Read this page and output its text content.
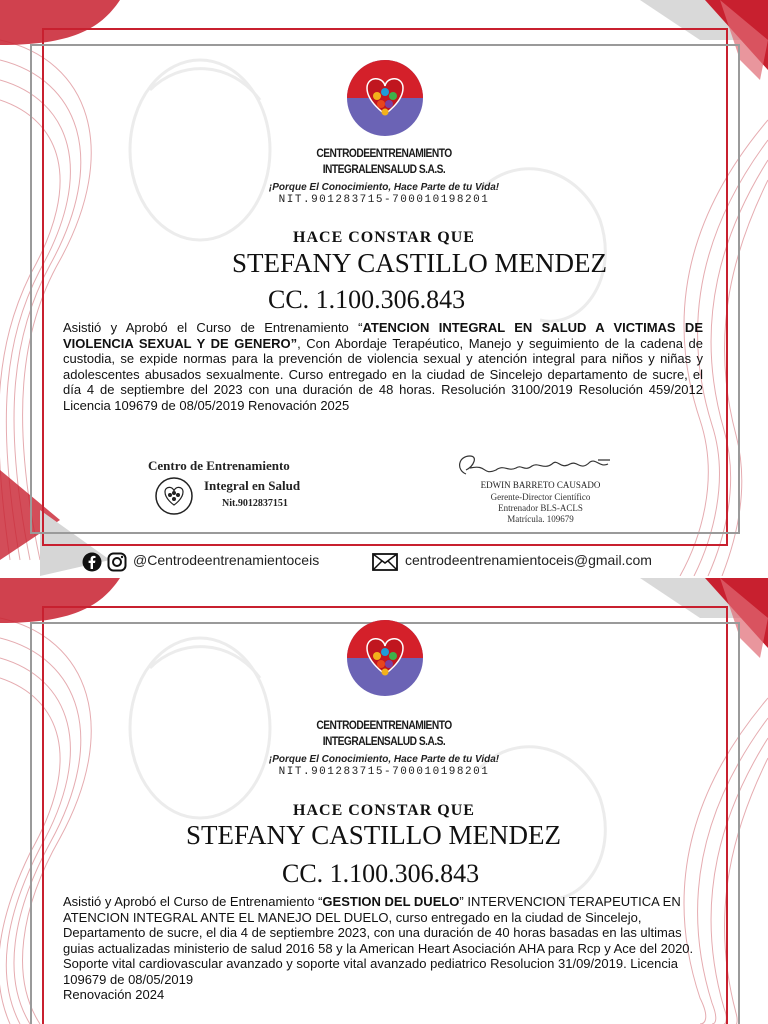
CENTRODEENTRENAMIENTO
INTEGRALENSALUD S.A.S.
¡Porque El Conocimiento, Hace Parte de tu Vida!
NIT.901283715-700010198201
HACE CONSTAR QUE
STEFANY CASTILLO MENDEZ
CC. 1.100.306.843
Asistió y Aprobó el Curso de Entrenamiento “ATENCION INTEGRAL EN SALUD A VICTIMAS DE VIOLENCIA SEXUAL Y DE GENERO”, Con Abordaje Terapéutico, Manejo y seguimiento de la cadena de custodia, se expide normas para la prevención de violencia sexual y atención integral para niños y niñas y adolescentes abusados sexualmente. Curso entregado en la ciudad de Sincelejo departamento de sucre, el día 4 de septiembre del 2023 con una duración de 48 horas. Resolución 3100/2019 Resolución 459/2012 Licencia 109679 de 08/05/2019 Renovación 2025
Centro de Entrenamiento
Integral en Salud
Nit.9012837151
EDWIN BARRETO CAUSADO
Gerente-Director Científico
Entrenador BLS-ACLS
Matrícula. 109679
@Centrodeentrenamientoceis	centrodeentrenamientoceis@gmail.com
CENTRODEENTRENAMIENTO
INTEGRALENSALUD S.A.S.
¡Porque El Conocimiento, Hace Parte de tu Vida!
NIT.901283715-700010198201
HACE CONSTAR QUE
STEFANY CASTILLO MENDEZ
CC. 1.100.306.843
Asistió y Aprobó el Curso de Entrenamiento “GESTION DEL DUELO” INTERVENCION TERAPEUTICA EN ATENCION INTEGRAL ANTE EL MANEJO DEL DUELO, curso entregado en la ciudad de Sincelejo, Departamento de sucre, el dia 4 de septiembre 2023, con una duración de 40 horas basadas en las ultimas guias actualizadas ministerio de salud 2016 58 y la American Heart Asociación AHA para Rcp y Ace del 2020. Soporte vital cardiovascular avanzado y soporte vital avanzado pediatrico Resolucion 31/09/2019. Licencia 109679 de 08/05/2019
Renovación 2024
